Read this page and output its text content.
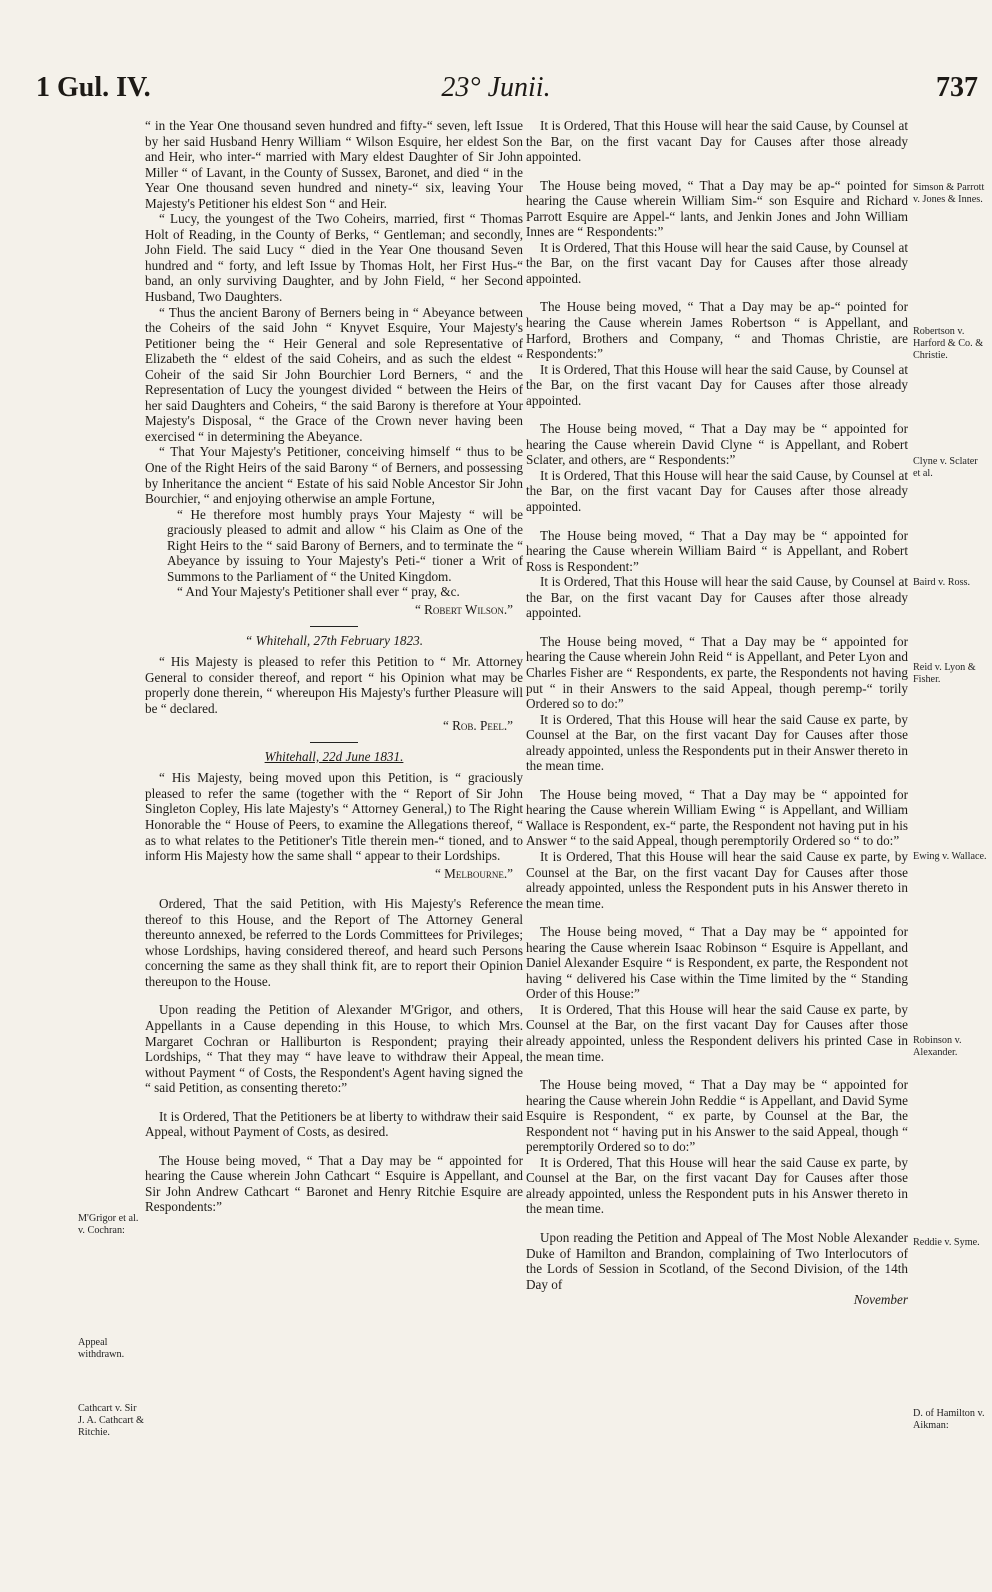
1 Gul. IV.	23° Junii.	737

“ in the Year One thousand seven hundred and fifty-“ seven, left Issue by her said Husband Henry William “ Wilson Esquire, her eldest Son and Heir, who inter-“ married with Mary eldest Daughter of Sir John Miller “ of Lavant, in the County of Sussex, Baronet, and died “ in the Year One thousand seven hundred and ninety-“ six, leaving Your Majesty's Petitioner his eldest Son “ and Heir.

“ Lucy, the youngest of the Two Coheirs, married, first “ Thomas Holt of Reading, in the County of Berks, “ Gentleman; and secondly, John Field. The said Lucy “ died in the Year One thousand Seven hundred and “ forty, and left Issue by Thomas Holt, her First Hus-“ band, an only surviving Daughter, and by John Field, “ her Second Husband, Two Daughters.

“ Thus the ancient Barony of Berners being in “ Abeyance between the Coheirs of the said John “ Knyvet Esquire, Your Majesty's Petitioner being the “ Heir General and sole Representative of Elizabeth the “ eldest of the said Coheirs, and as such the eldest “ Coheir of the said Sir John Bourchier Lord Berners, “ and the Representation of Lucy the youngest divided “ between the Heirs of her said Daughters and Coheirs, “ the said Barony is therefore at Your Majesty's Disposal, “ the Grace of the Crown never having been exercised “ in determining the Abeyance.

“ That Your Majesty's Petitioner, conceiving himself “ thus to be One of the Right Heirs of the said Barony “ of Berners, and possessing by Inheritance the ancient “ Estate of his said Noble Ancestor Sir John Bourchier, “ and enjoying otherwise an ample Fortune,

“ He therefore most humbly prays Your Majesty “ will be graciously pleased to admit and allow “ his Claim as One of the Right Heirs to the “ said Barony of Berners, and to terminate the “ Abeyance by issuing to Your Majesty's Peti-“ tioner a Writ of Summons to the Parliament of “ the United Kingdom.

“ And Your Majesty's Petitioner shall ever “ pray, &c.

“ Robert Wilson.”
“ Whitehall, 27th February 1823.

“ His Majesty is pleased to refer this Petition to “ Mr. Attorney General to consider thereof, and report “ his Opinion what may be properly done therein, “ whereupon His Majesty's further Pleasure will be “ declared.

“ Rob. Peel.”
Whitehall, 22d June 1831.

“ His Majesty, being moved upon this Petition, is “ graciously pleased to refer the same (together with the “ Report of Sir John Singleton Copley, His late Majesty's “ Attorney General,) to The Right Honorable the “ House of Peers, to examine the Allegations thereof, “ as to what relates to the Petitioner's Title therein men-“ tioned, and to inform His Majesty how the same shall “ appear to their Lordships.

“ Melbourne.”

Ordered, That the said Petition, with His Majesty's Reference thereof to this House, and the Report of The Attorney General thereunto annexed, be referred to the Lords Committees for Privileges; whose Lordships, having considered thereof, and heard such Persons concerning the same as they shall think fit, are to report their Opinion thereupon to the House.

Upon reading the Petition of Alexander M'Grigor, and others, Appellants in a Cause depending in this House, to which Mrs. Margaret Cochran or Halliburton is Respondent; praying their Lordships, “ That they may “ have leave to withdraw their Appeal, without Payment “ of Costs, the Respondent's Agent having signed the “ said Petition, as consenting thereto:”

It is Ordered, That the Petitioners be at liberty to withdraw their said Appeal, without Payment of Costs, as desired.

The House being moved, “ That a Day may be “ appointed for hearing the Cause wherein John Cathcart “ Esquire is Appellant, and Sir John Andrew Cathcart “ Baronet and Henry Ritchie Esquire are Respondents:”

M'Grigor et al. v. Cochran:
Appeal withdrawn.
Cathcart v. Sir J. A. Cathcart & Ritchie.

It is Ordered, That this House will hear the said Cause, by Counsel at the Bar, on the first vacant Day for Causes after those already appointed.

The House being moved, “ That a Day may be ap-“ pointed for hearing the Cause wherein William Sim-“ son Esquire and Richard Parrott Esquire are Appel-“ lants, and Jenkin Jones and John William Innes are “ Respondents:”

It is Ordered, That this House will hear the said Cause, by Counsel at the Bar, on the first vacant Day for Causes after those already appointed.

The House being moved, “ That a Day may be ap-“ pointed for hearing the Cause wherein James Robertson “ is Appellant, and Harford, Brothers and Company, “ and Thomas Christie, are Respondents:”

It is Ordered, That this House will hear the said Cause, by Counsel at the Bar, on the first vacant Day for Causes after those already appointed.

The House being moved, “ That a Day may be “ appointed for hearing the Cause wherein David Clyne “ is Appellant, and Robert Sclater, and others, are “ Respondents:”

It is Ordered, That this House will hear the said Cause, by Counsel at the Bar, on the first vacant Day for Causes after those already appointed.

The House being moved, “ That a Day may be “ appointed for hearing the Cause wherein William Baird “ is Appellant, and Robert Ross is Respondent:”

It is Ordered, That this House will hear the said Cause, by Counsel at the Bar, on the first vacant Day for Causes after those already appointed.

The House being moved, “ That a Day may be “ appointed for hearing the Cause wherein John Reid “ is Appellant, and Peter Lyon and Charles Fisher are “ Respondents, ex parte, the Respondents not having put “ in their Answers to the said Appeal, though peremp-“ torily Ordered so to do:”

It is Ordered, That this House will hear the said Cause ex parte, by Counsel at the Bar, on the first vacant Day for Causes after those already appointed, unless the Respondents put in their Answer thereto in the mean time.

The House being moved, “ That a Day may be “ appointed for hearing the Cause wherein William Ewing “ is Appellant, and William Wallace is Respondent, ex-“ parte, the Respondent not having put in his Answer “ to the said Appeal, though peremptorily Ordered so “ to do:”

It is Ordered, That this House will hear the said Cause ex parte, by Counsel at the Bar, on the first vacant Day for Causes after those already appointed, unless the Respondent puts in his Answer thereto in the mean time.

The House being moved, “ That a Day may be “ appointed for hearing the Cause wherein Isaac Robinson “ Esquire is Appellant, and Daniel Alexander Esquire “ is Respondent, ex parte, the Respondent not having “ delivered his Case within the Time limited by the “ Standing Order of this House:”

It is Ordered, That this House will hear the said Cause ex parte, by Counsel at the Bar, on the first vacant Day for Causes after those already appointed, unless the Respondent delivers his printed Case in the mean time.

The House being moved, “ That a Day may be “ appointed for hearing the Cause wherein John Reddie “ is Appellant, and David Syme Esquire is Respondent, “ ex parte, by Counsel at the Bar, the Respondent not “ having put in his Answer to the said Appeal, though “ peremptorily Ordered so to do:”

It is Ordered, That this House will hear the said Cause ex parte, by Counsel at the Bar, on the first vacant Day for Causes after those already appointed, unless the Respondent puts in his Answer thereto in the mean time.

Upon reading the Petition and Appeal of The Most Noble Alexander Duke of Hamilton and Brandon, complaining of Two Interlocutors of the Lords of Session in Scotland, of the Second Division, of the 14th Day of

November
Simson & Parrott v. Jones & Innes.
Robertson v. Harford & Co. & Christie.
Clyne v. Sclater et al.
Baird v. Ross.
Reid v. Lyon & Fisher.
Ewing v. Wallace.
Robinson v. Alexander.
Reddie v. Syme.
D. of Hamilton v. Aikman:
